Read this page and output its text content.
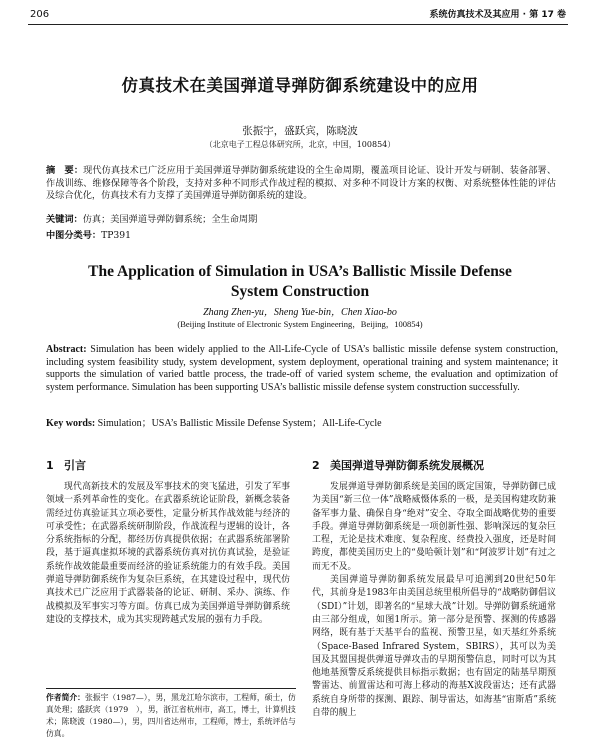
206	系统仿真技术及其应用 · 第 17 卷
仿真技术在美国弹道导弹防御系统建设中的应用
张振宇，盛跃宾，陈晓波
（北京电子工程总体研究所，北京，中国，100854）
摘　要：现代仿真技术已广泛应用于美国弹道导弹防御系统建设的全生命周期，覆盖项目论证、设计开发与研制、装备部署、作战训练、维修保障等各个阶段，支持对多种不同形式作战过程的模拟、对多种不同设计方案的权衡、对系统整体性能的评估及综合优化，仿真技术有力支撑了美国弹道导弹防御系统的建设。
关键词：仿真；美国弹道导弹防御系统；全生命周期
中图分类号：TP391
The Application of Simulation in USA’s Ballistic Missile Defense
System Construction
Zhang Zhen-yu，Sheng Yue-bin，Chen Xiao-bo
(Beijing Institute of Electronic System Engineering，Beijing，100854)
Abstract: Simulation has been widely applied to the All-Life-Cycle of USA’s ballistic missile defense system construction, including system feasibility study, system development, system deployment, operational training and system maintenance; it supports the simulation of varied battle process, the trade-off of varied system scheme, the evaluation and optimization of system performance. Simulation has been supporting USA’s ballistic missile defense system construction successfully.
Key words: Simulation；USA’s Ballistic Missile Defense System；All-Life-Cycle
1 引言

现代高新技术的发展及军事技术的突飞猛进，引发了军事领域一系列革命性的变化。在武器系统论证阶段，新概念装备需经过仿真验证其立项必要性，定量分析其作战效能与经济的可承受性；在武器系统研制阶段，作战流程与逻辑的设计，各分系统指标的分配，都经历仿真提供依据；在武器系统部署阶段，基于逼真虚拟环境的武器系统仿真对抗仿真试验，是验证系统作战效能最重要而经济的验证系统能力的有效手段。美国弹道导弹防御系统作为复杂巨系统，在其建设过程中，现代仿真技术已广泛应用于武器装备的论证、研制、采办、演练、作战模拟及军事实习等方面。仿真已成为美国弹道导弹防御系统建设的支撑技术，成为其实现跨越式发展的强有力手段。

2 美国弹道导弹防御系统发展概况

发展弹道导弹防御系统是美国的既定国策，导弹防御已成为美国“新三位一体”战略威慑体系的一极，是美国构建攻防兼备军事力量、确保自身“绝对”安全、夺取全面战略优势的重要手段。弹道导弹防御系统是一项创新性强、影响深远的复杂巨工程，无论是技术难度、复杂程度、经费投入强度，还是时间跨度，都使美国历史上的“曼哈顿计划”和“阿波罗计划”有过之而无不及。

美国弹道导弹防御系统发展最早可追溯到20世纪50年代，其前身是1983年由美国总统里根所倡导的“战略防御倡议（SDI）”计划，即著名的“星球大战”计划。导弹防御系统通常由三部分组成，如图1所示。第一部分是预警、探测的传感器网络，既有基于天基平台的监视、预警卫星，如天基红外系统（Space-Based Infrared System，SBIRS），其可以为美国及其盟国提供弹道导弹攻击的早期预警信息，同时可以为其他地基预警反系统提供目标指示数据；也有固定的陆基早期预警雷达、前置雷达和可海上移动的海基X波段雷达；还有武器系统自身所带的探测、跟踪、制导雷达，如海基“宙斯盾”系统自带的舰上

作者简介：张振宇（1987—），男，黑龙江哈尔滨市，工程师，硕士，仿真处理；盛跃宾（1979　），男，浙江省杭州市，高工，博士，计算机技术；陈晓波（1980—），男，四川省达州市，工程师，博士，系统评估与仿真。
